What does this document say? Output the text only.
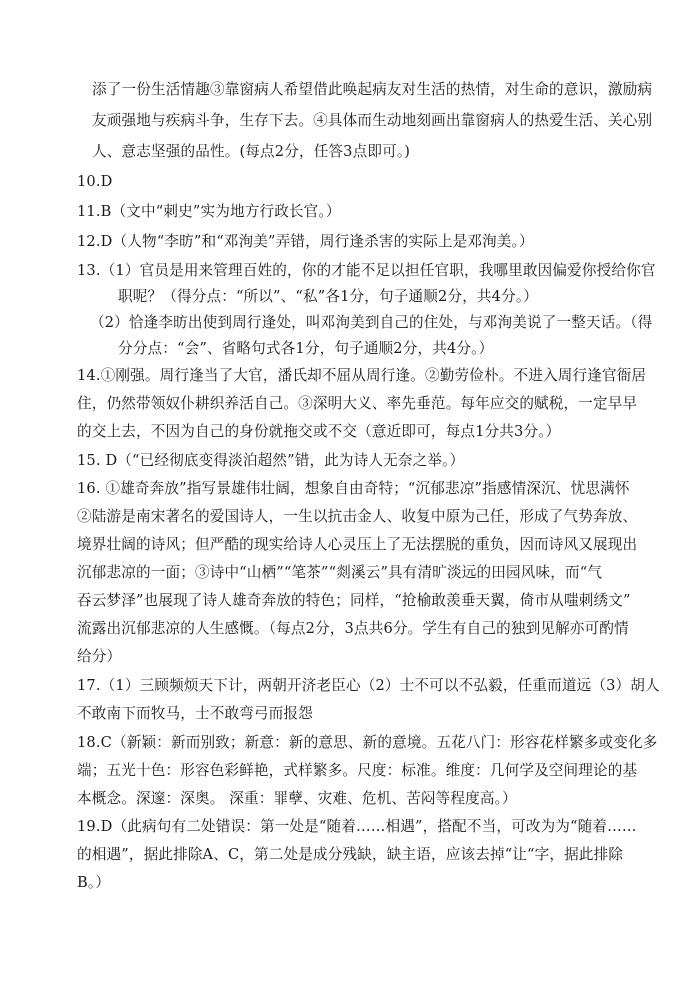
添了一份生活情趣③靠窗病人希望借此唤起病友对生活的热情，对生命的意识，激励病
友顽强地与疾病斗争，生存下去。④具体而生动地刻画出靠窗病人的热爱生活、关心别
人、意志坚强的品性。(每点2分，任答3点即可。)
10.D
11.B（文中“刺史”实为地方行政长官。）
12.D（人物“李昉”和“邓洵美”弄错，周行逢杀害的实际上是邓洵美。）
13.（1）官员是用来管理百姓的，你的才能不足以担任官职，我哪里敢因偏爱你授给你官
职呢？（得分点：“所以”、“私”各1分，句子通顺2分，共4分。）
（2）恰逢李昉出使到周行逢处，叫邓洵美到自己的住处，与邓洵美说了一整天话。（得
分分点：“会”、省略句式各1分，句子通顺2分，共4分。）
14.①刚强。周行逢当了大官，潘氏却不屈从周行逢。②勤劳俭朴。不进入周行逢官衙居
住，仍然带领奴仆耕织养活自己。③深明大义、率先垂范。每年应交的赋税，一定早早
的交上去，不因为自己的身份就拖交或不交（意近即可，每点1分共3分。）
15. D（“已经彻底变得淡泊超然”错，此为诗人无奈之举。）
16. ①雄奇奔放”指写景雄伟壮阔，想象自由奇特；“沉郁悲凉”指感情深沉、忧思满怀
②陆游是南宋著名的爱国诗人，一生以抗击金人、收复中原为己任，形成了气势奔放、
境界壮阔的诗风；但严酷的现实给诗人心灵压上了无法摆脱的重负，因而诗风又展现出
沉郁悲凉的一面；③诗中“山栖”“笔茶”“剡溪云”具有清旷淡远的田园风味，而“气
吞云梦泽”也展现了诗人雄奇奔放的特色；同样，“抢榆敢羡垂天翼，倚市从嗤刺绣文”
流露出沉郁悲凉的人生感慨。（每点2分，3点共6分。学生有自己的独到见解亦可酌情
给分）
17.（1）三顾频烦天下计，两朝开济老臣心（2）士不可以不弘毅，任重而道远（3）胡人
不敢南下而牧马，士不敢弯弓而报怨
18.C（新颖：新而别致；新意：新的意思、新的意境。五花八门：形容花样繁多或变化多
端；五光十色：形容色彩鲜艳，式样繁多。尺度：标准。维度：几何学及空间理论的基
本概念。深邃：深奥。 深重：罪孽、灾难、危机、苦闷等程度高。）
19.D（此病句有二处错误：第一处是“随着……相遇”，搭配不当，可改为为“随着……
的相遇”，据此排除A、C，第二处是成分残缺，缺主语，应该去掉“让“字，据此排除
B。）
